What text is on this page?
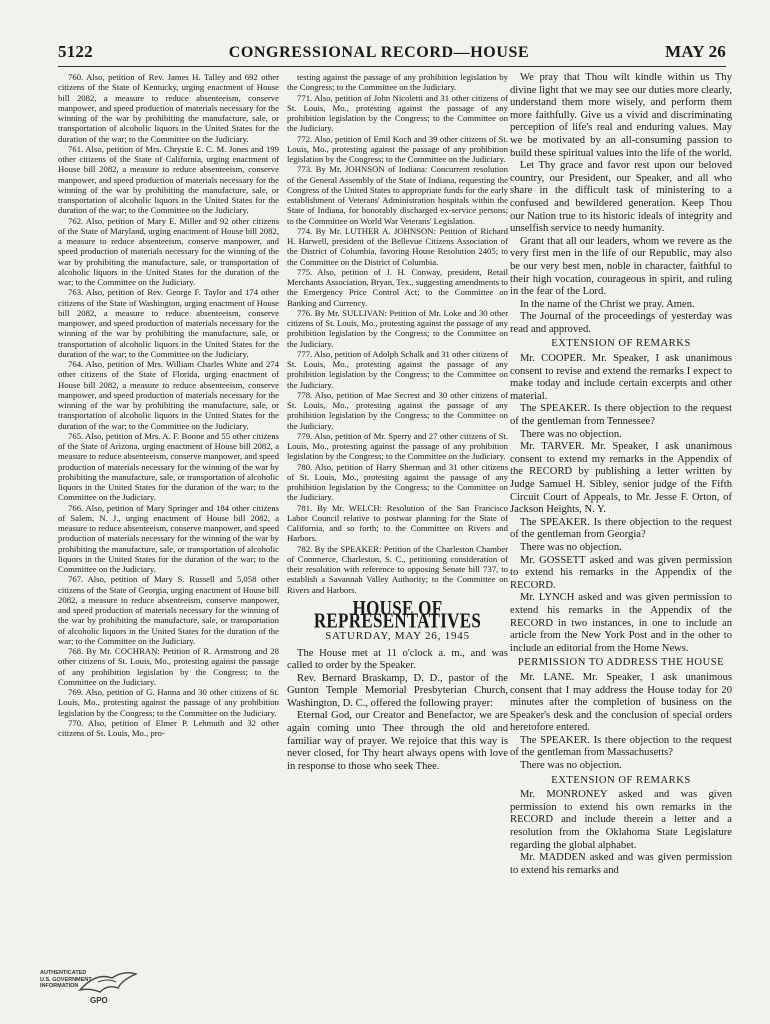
5122	CONGRESSIONAL RECORD—HOUSE	MAY 26

760. Also, petition of Rev. James H. Talley and 692 other citizens of the State of Kentucky, urging enactment of House bill 2082, a measure to reduce absenteeism, conserve manpower, and speed production of materials necessary for the winning of the war by prohibiting the manufacture, sale, or transportation of alcoholic liquors in the United States for the duration of the war; to the Committee on the Judiciary.

761. Also, petition of Mrs. Chrystie E. C. M. Jones and 199 other citizens of the State of California, urging enactment of House bill 2082, a measure to reduce absenteeism, conserve manpower, and speed production of materials necessary for the winning of the war by prohibiting the manufacture, sale, or transportation of alcoholic liquors in the United States for the duration of the war; to the Committee on the Judiciary.

762. Also, petition of Mary E. Miller and 92 other citizens of the State of Maryland, urging enactment of House bill 2082, a measure to reduce absenteeism, conserve manpower, and speed production of materials necessary for the winning of the war by prohibiting the manufacture, sale, or transportation of alcoholic liquors in the United States for the duration of the war; to the Committee on the Judiciary.

763. Also, petition of Rev. George F. Taylor and 174 other citizens of the State of Washington, urging enactment of House bill 2082, a measure to reduce absenteeism, conserve manpower, and speed production of materials necessary for the winning of the war by prohibiting the manufacture, sale, or transportation of alcoholic liquors in the United States for the duration of the war; to the Committee on the Judiciary.

764. Also, petition of Mrs. William Charles White and 274 other citizens of the State of Florida, urging enactment of House bill 2082, a measure to reduce absenteeism, conserve manpower, and speed production of materials necessary for the winning of the war by prohibiting the manufacture, sale, or transportation of alcoholic liquors in the United States for the duration of the war; to the Committee on the Judiciary.

765. Also, petition of Mrs. A. F. Boone and 55 other citizens of the State of Arizona, urging enactment of House bill 2082, a measure to reduce absenteeism, conserve manpower, and speed production of materials necessary for the winning of the war by prohibiting the manufacture, sale, or transportation of alcoholic liquors in the United States for the duration of the war; to the Committee on the Judiciary.

766. Also, petition of Mary Springer and 184 other citizens of Salem, N. J., urging enactment of House bill 2082, a measure to reduce absenteeism, conserve manpower, and speed production of materials necessary for the winning of the war by prohibiting the manufacture, sale, or transportation of alcoholic liquors in the United States for the duration of the war; to the Committee on the Judiciary.

767. Also, petition of Mary S. Russell and 5,058 other citizens of the State of Georgia, urging enactment of House bill 2082, a measure to reduce absenteeism, conserve manpower, and speed production of materials necessary for the winning of the war by prohibiting the manufacture, sale, or transportation of alcoholic liquors in the United States for the duration of the war; to the Committee on the Judiciary.

768. By Mr. COCHRAN: Petition of R. Armstrong and 28 other citizens of St. Louis, Mo., protesting against the passage of any prohibition legislation by the Congress; to the Committee on the Judiciary.

769. Also, petition of G. Hanna and 30 other citizens of St. Louis, Mo., protesting against the passage of any prohibition legislation by the Congress; to the Committee on the Judiciary.

770. Also, petition of Elmer P. Lehmuth and 32 other citizens of St. Louis, Mo., pro-

testing against the passage of any prohibition legislation by the Congress; to the Committee on the Judiciary.

771. Also, petition of John Nicoletti and 31 other citizens of St. Louis, Mo., protesting against the passage of any prohibition legislation by the Congress; to the Committee on the Judiciary.

772. Also, petition of Emil Koch and 39 other citizens of St. Louis, Mo., protesting against the passage of any prohibition legislation by the Congress; to the Committee on the Judiciary.

773. By Mr. JOHNSON of Indiana: Concurrent resolution of the General Assembly of the State of Indiana, requesting the Congress of the United States to appropriate funds for the early establishment of Veterans' Administration hospitals within the State of Indiana, for honorably discharged ex-service persons; to the Committee on World War Veterans' Legislation.

774. By Mr. LUTHER A. JOHNSON: Petition of Richard H. Harwell, president of the Bellevue Citizens Association of the District of Columbia, favoring House Resolution 2405; to the Committee on the District of Columbia.

775. Also, petition of J. H. Conway, president, Retail Merchants Association, Bryan, Tex., suggesting amendments to the Emergency Price Control Act; to the Committee on Banking and Currency.

776. By Mr. SULLIVAN: Petition of Mr. Loke and 30 other citizens of St. Louis, Mo., protesting against the passage of any prohibition legislation by the Congress; to the Committee on the Judiciary.

777. Also, petition of Adolph Schalk and 31 other citizens of St. Louis, Mo., protesting against the passage of any prohibition legislation by the Congress; to the Committee on the Judiciary.

778. Also, petition of Mae Secrest and 30 other citizens of St. Louis, Mo., protesting against the passage of any prohibition legislation by the Congress; to the Committee on the Judiciary.

779. Also, petition of Mr. Sperry and 27 other citizens of St. Louis, Mo., protesting against the passage of any prohibition legislation by the Congress; to the Committee on the Judiciary.

780. Also, petition of Harry Sherman and 31 other citizens of St. Louis, Mo., protesting against the passage of any prohibition legislation by the Congress; to the Committee on the Judiciary.

781. By Mr. WELCH: Resolution of the San Francisco Labor Council relative to postwar planning for the State of California, and so forth; to the Committee on Rivers and Harbors.

782. By the SPEAKER: Petition of the Charleston Chamber of Commerce, Charleston, S. C., petitioning consideration of their resolution with reference to opposing Senate bill 737, to establish a Savannah Valley Authority; to the Committee on Rivers and Harbors.

HOUSE OF REPRESENTATIVES
SATURDAY, MAY 26, 1945

The House met at 11 o'clock a. m., and was called to order by the Speaker.

Rev. Bernard Braskamp, D. D., pastor of the Gunton Temple Memorial Presbyterian Church, Washington, D. C., offered the following prayer:

Eternal God, our Creator and Benefactor, we are again coming unto Thee through the old and familiar way of prayer. We rejoice that this way is never closed, for Thy heart always opens with love in response to those who seek Thee.

We pray that Thou wilt kindle within us Thy divine light that we may see our duties more clearly, understand them more wisely, and perform them more faithfully. Give us a vivid and discriminating perception of life's real and enduring values. May we be motivated by an all-consuming passion to build these spiritual values into the life of the world.

Let Thy grace and favor rest upon our beloved country, our President, our Speaker, and all who share in the difficult task of ministering to a confused and bewildered generation. Keep Thou our Nation true to its historic ideals of integrity and unselfish service to needy humanity.

Grant that all our leaders, whom we revere as the very first men in the life of our Republic, may also be our very best men, noble in character, faithful to their high vocation, courageous in spirit, and ruling in the fear of the Lord.

In the name of the Christ we pray. Amen.

The Journal of the proceedings of yesterday was read and approved.

EXTENSION OF REMARKS

Mr. COOPER. Mr. Speaker, I ask unanimous consent to revise and extend the remarks I expect to make today and include certain excerpts and other material.

The SPEAKER. Is there objection to the request of the gentleman from Tennessee?

There was no objection.

Mr. TARVER. Mr. Speaker, I ask unanimous consent to extend my remarks in the Appendix of the RECORD by publishing a letter written by Judge Samuel H. Sibley, senior judge of the Fifth Circuit Court of Appeals, to Mr. Jesse F. Orton, of Jackson Heights, N. Y.

The SPEAKER. Is there objection to the request of the gentleman from Georgia?

There was no objection.

Mr. GOSSETT asked and was given permission to extend his remarks in the Appendix of the RECORD.

Mr. LYNCH asked and was given permission to extend his remarks in the Appendix of the RECORD in two instances, in one to include an article from the New York Post and in the other to include an editorial from the Home News.

PERMISSION TO ADDRESS THE HOUSE

Mr. LANE. Mr. Speaker, I ask unanimous consent that I may address the House today for 20 minutes after the completion of business on the Speaker's desk and the conclusion of special orders heretofore entered.

The SPEAKER. Is there objection to the request of the gentleman from Massachusetts?

There was no objection.

EXTENSION OF REMARKS

Mr. MONRONEY asked and was given permission to extend his own remarks in the RECORD and include therein a letter and a resolution from the Oklahoma State Legislature regarding the global alphabet.

Mr. MADDEN asked and was given permission to extend his remarks and

AUTHENTICATED
U.S. GOVERNMENT
INFORMATION
GPO
